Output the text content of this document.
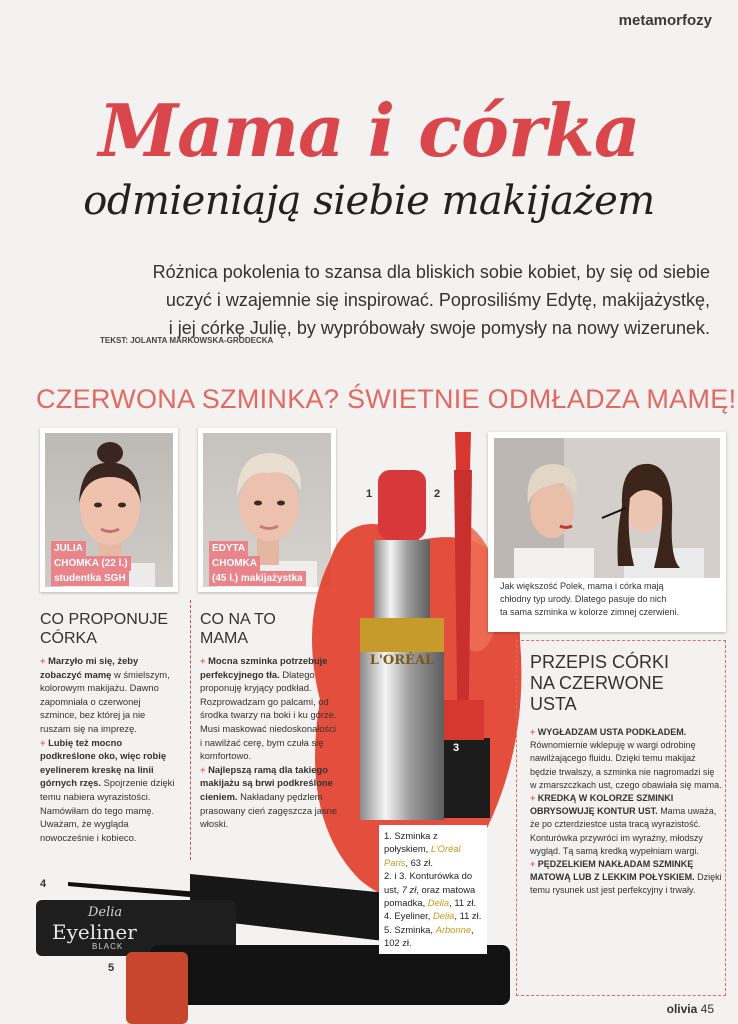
metamorfozy
Mama i córka
odmieniają siebie makijażem
Różnica pokolenia to szansa dla bliskich sobie kobiet, by się od siebie
uczyć i wzajemnie się inspirować. Poprosiliśmy Edytę, makijażystkę,
i jej córkę Julię, by wypróbowały swoje pomysły na nowy wizerunek.
TEKST: JOLANTA MARKOWSKA-GRODECKA
CZERWONA SZMINKA? ŚWIETNIE ODMŁADZA MAMĘ!
JULIA
CHOMKA (22 l.)
studentka SGH
EDYTA
CHOMKA
(45 l.) makijażystka
L'ORÉAL
Delia
Eyeliner
BLACK
1	2
3
4
5
CO PROPONUJE
CÓRKA
+ Marzyło mi się, żeby zobaczyć mamę w śmielszym, kolorowym makijażu. Dawno zapomniała o czerwonej szmince, bez której ja nie ruszam się na imprezę.
+ Lubię też mocno podkreślone oko, więc robię eyelinerem kreskę na linii górnych rzęs. Spojrzenie dzięki temu nabiera wyrazistości. Namówiłam do tego mamę. Uważam, że wygląda nowocześnie i kobieco.
CO NA TO
MAMA
+ Mocna szminka potrzebuje perfekcyjnego tła. Dlatego proponuję kryjący podkład. Rozprowadzam go palcami, od środka twarzy na boki i ku górze. Musi maskować niedoskonałości i nawilżać cerę, bym czuła się komfortowo.
+ Najlepszą ramą dla takiego makijażu są brwi podkreślone cieniem. Nakładany pędzlem prasowany cień zagęszcza jasne włoski.
Jak większość Polek, mama i córka mają
chłodny typ urody. Dlatego pasuje do nich
ta sama szminka w kolorze zimnej czerwieni.
PRZEPIS CÓRKI
NA CZERWONE
USTA
+ WYGŁADZAM USTA PODKŁADEM. Równomiernie wklepuję w wargi odrobinę nawilżającego fluidu. Dzięki temu makijaż będzie trwalszy, a szminka nie nagromadzi się w zmarszczkach ust, czego obawiała się mama.
+ KREDKĄ W KOLORZE SZMINKI OBRYSOWUJĘ KONTUR UST. Mama uważa, że po czterdziestce usta tracą wyrazistość. Konturówka przywróci im wyraźny, młodszy wygląd. Tą samą kredką wypełniam wargi.
+ PĘDZELKIEM NAKŁADAM SZMINKĘ MATOWĄ LUB Z LEKKIM POŁYSKIEM. Dzięki temu rysunek ust jest perfekcyjny i trwały.
1. Szminka z połyskiem, L’Oréal Paris, 63 zł.
2. i 3. Konturówka do ust, 7 zł, oraz matowa pomadka, Delia, 11 zł.
4. Eyeliner, Delia, 11 zł. 5. Szminka, Arbonne, 102 zł.
olivia 45
